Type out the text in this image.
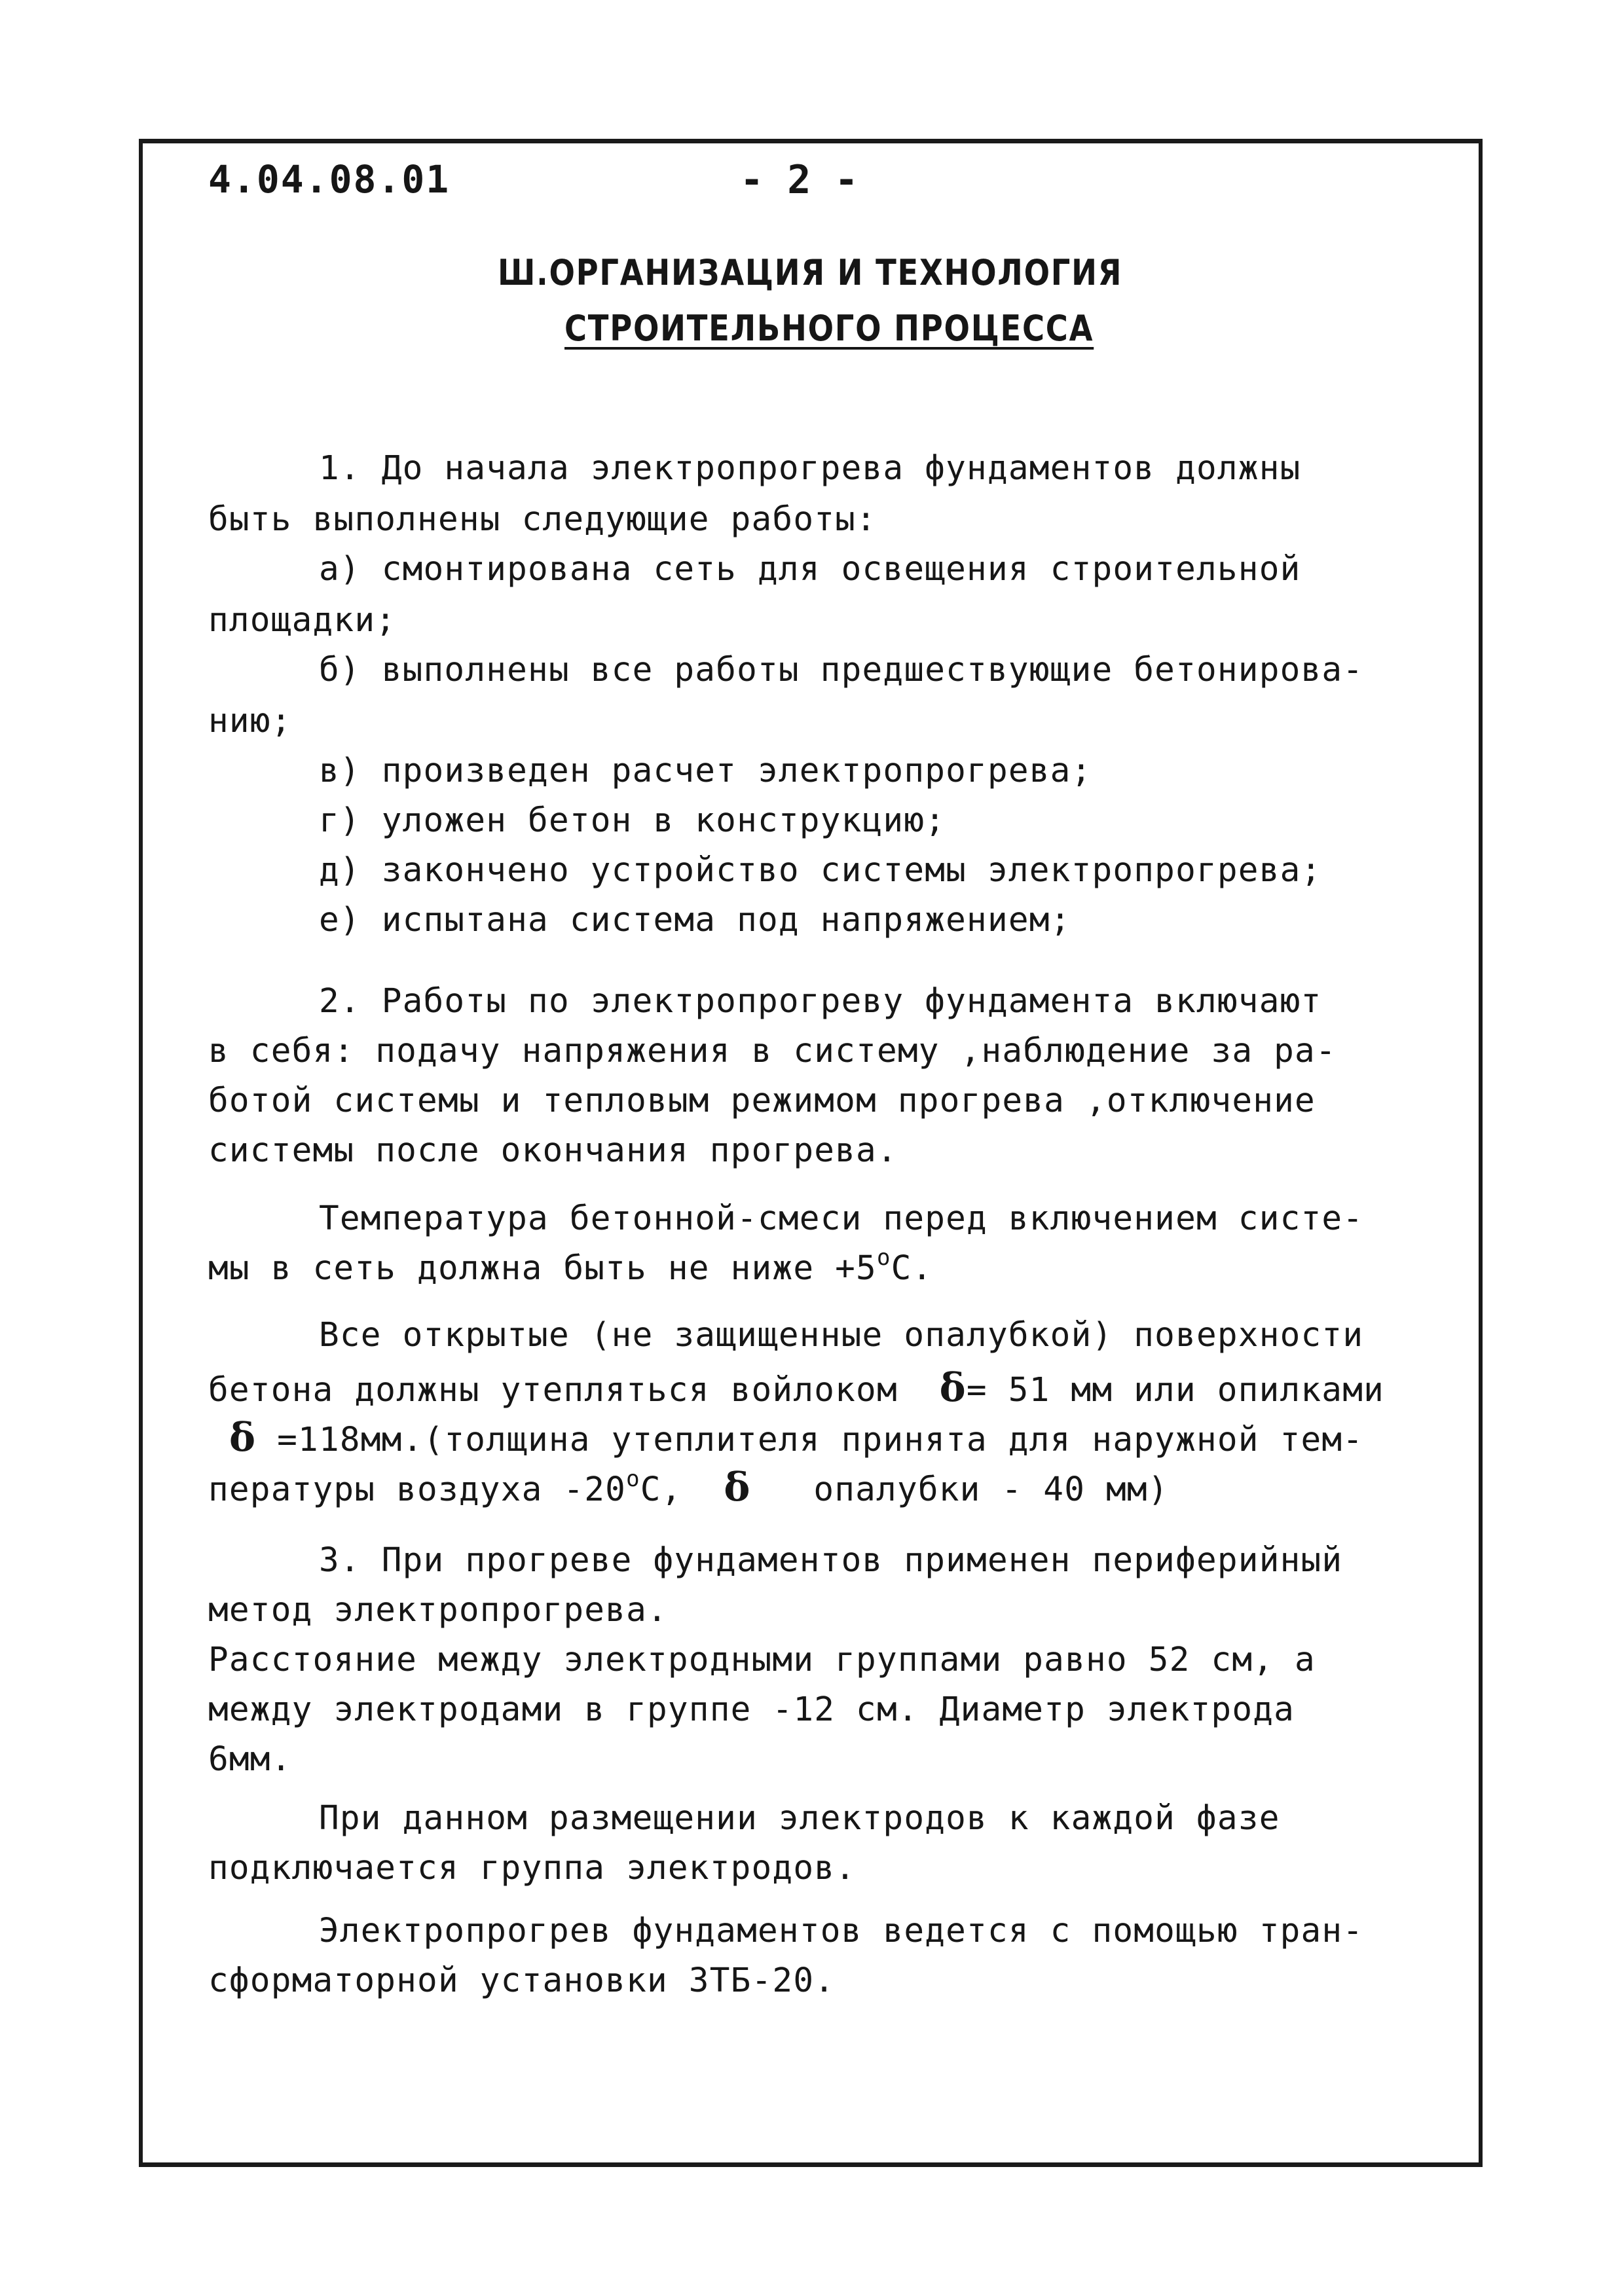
4.04.08.01	- 2 -
Ш.ОРГАНИЗАЦИЯ И ТЕХНОЛОГИЯ
СТРОИТЕЛЬНОГО ПРОЦЕССА
1. До начала электропрогрева фундаментов должны
быть выполнены следующие работы:
а) смонтирована сеть для освещения строительной
площадки;
б) выполнены все работы предшествующие бетонирова-
нию;
в) произведен расчет электропрогрева;
г) уложен бетон в конструкцию;
д) закончено устройство системы электропрогрева;
е) испытана система под напряжением;
2. Работы по электропрогреву фундамента включают
в себя: подачу напряжения в систему ,наблюдение за ра-
ботой системы и тепловым режимом прогрева ,отключение
системы после окончания прогрева.
Температура бетонной-смеси перед включением систе-
мы в сеть должна быть не ниже $+5^оС$.
Все открытые (не защищенные опалубкой) поверхности
бетона должны утепляться войлоком δ= 51 мм или опилками
δ =118мм.(толщина утеплителя принята для наружной тем-
пературы воздуха $-20^оС$, δ опалубки - 40 мм)
3. При прогреве фундаментов применен периферийный
метод электропрогрева.
Расстояние между электродными группами равно 52 см, а
между электродами в группе -12 см. Диаметр электрода
6мм.
При данном размещении электродов к каждой фазе
подключается группа электродов.
Электропрогрев фундаментов ведется с помощью тран-
сформаторной установки ЗТБ-20.
